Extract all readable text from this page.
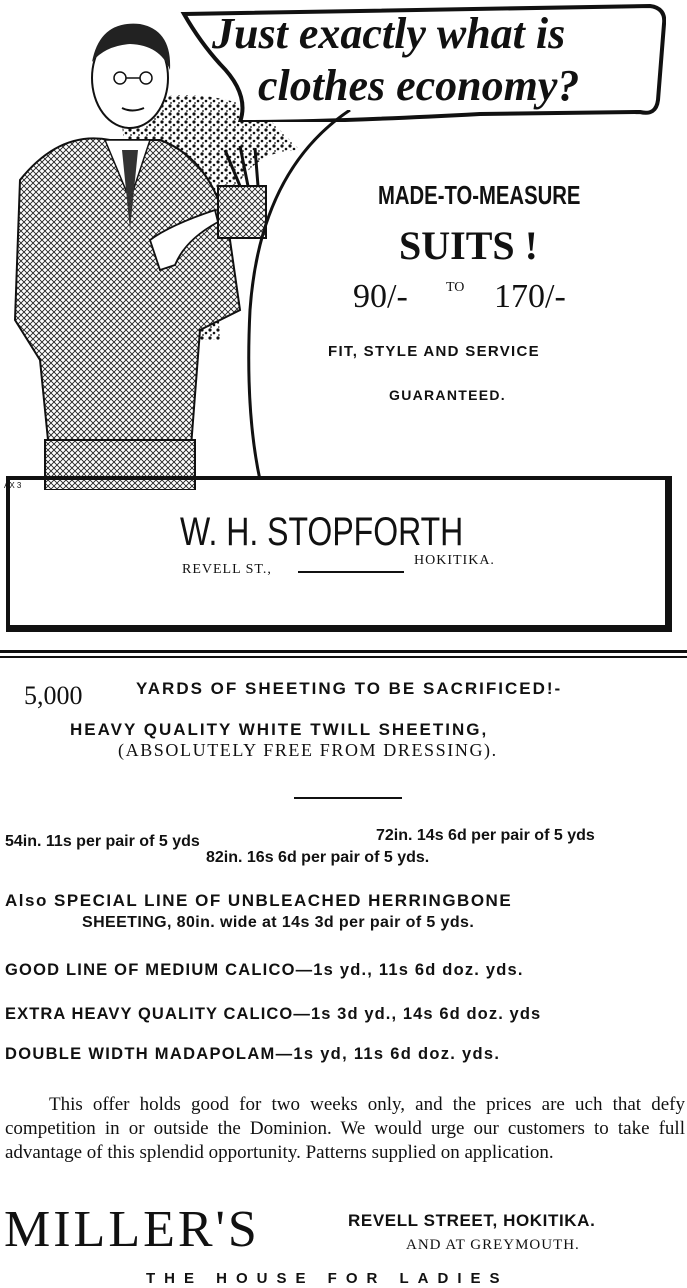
Just exactly what is
clothes economy?
MADE-TO-MEASURE
SUITS !
90/-	TO 170/-
FIT, STYLE AND SERVICE
GUARANTEED.
AX 3
W. H. STOPFORTH
REVELL ST.,
HOKITIKA.
5,000	YARDS OF SHEETING TO BE SACRIFICED!-
HEAVY QUALITY WHITE TWILL SHEETING,
(ABSOLUTELY FREE FROM DRESSING).
54in. 11s per pair of 5 yds	72in. 14s 6d per pair of 5 yds
82in. 16s 6d per pair of 5 yds.
Also SPECIAL LINE OF UNBLEACHED HERRINGBONE
SHEETING, 80in. wide at 14s 3d per pair of 5 yds.
GOOD LINE OF MEDIUM CALICO—1s yd., 11s 6d doz. yds.
EXTRA HEAVY QUALITY CALICO—1s 3d yd., 14s 6d doz. yds
DOUBLE WIDTH MADAPOLAM—1s yd, 11s 6d doz. yds.
This offer holds good for two weeks only, and the prices are uch that defy competition in or outside the Dominion. We would urge our customers to take full advantage of this splendid opportunity. Patterns supplied on application.
MILLER'S	REVELL STREET, HOKITIKA.
AND AT GREYMOUTH.
THE HOUSE FOR LADIES
